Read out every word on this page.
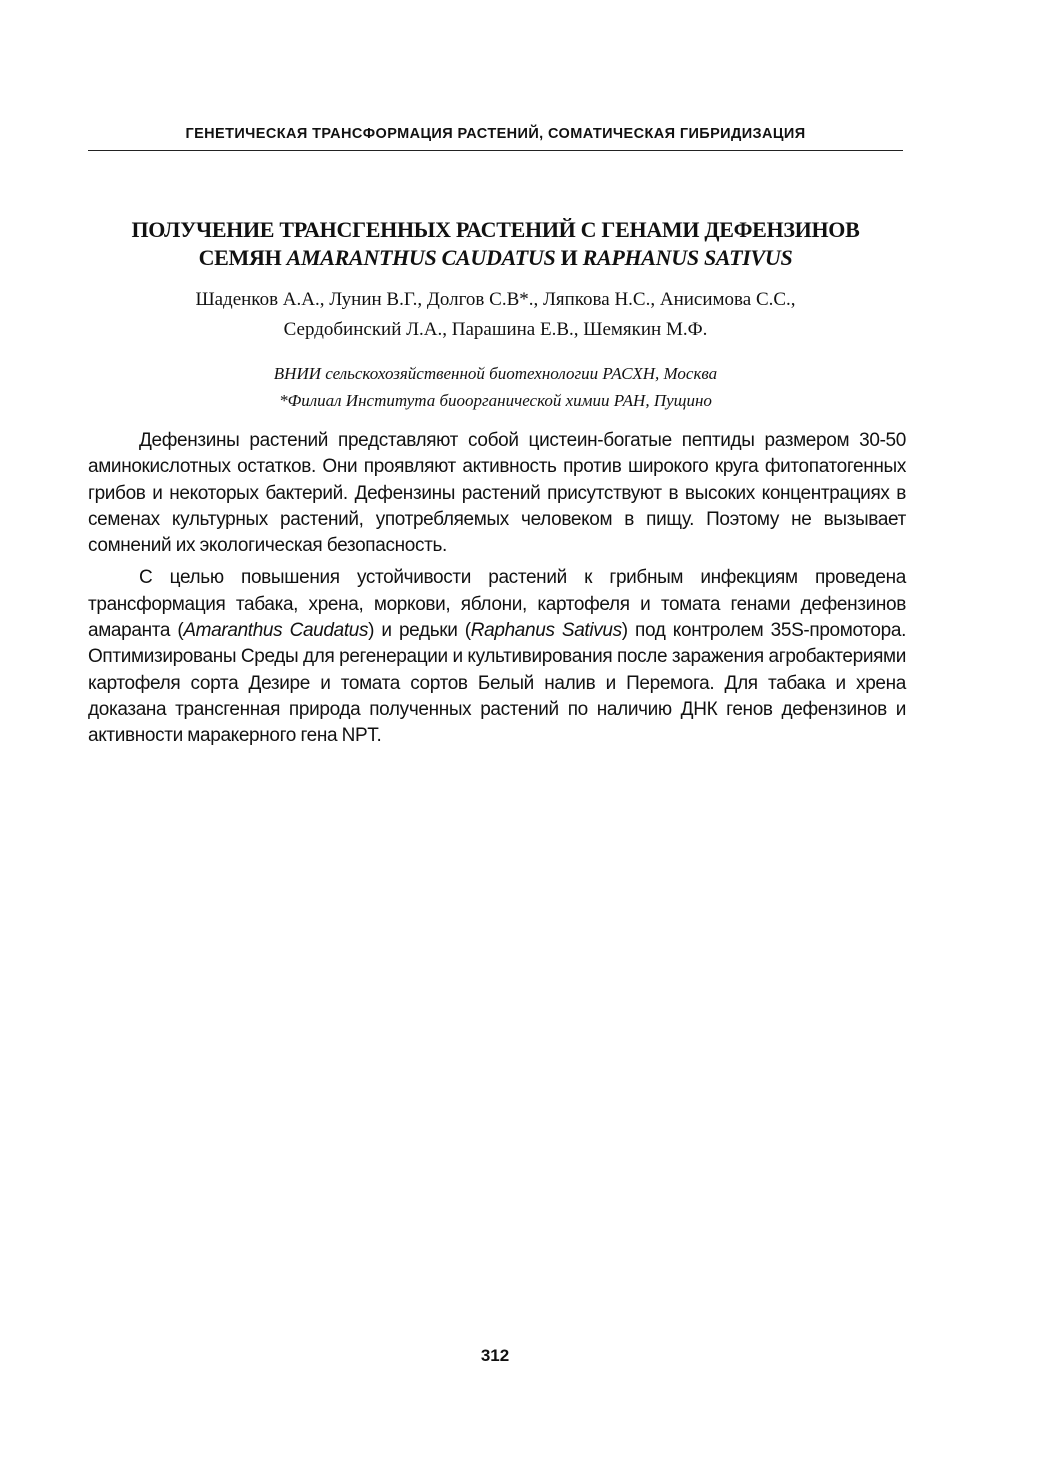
ГЕНЕТИЧЕСКАЯ ТРАНСФОРМАЦИЯ РАСТЕНИЙ, СОМАТИЧЕСКАЯ ГИБРИДИЗАЦИЯ
ПОЛУЧЕНИЕ ТРАНСГЕННЫХ РАСТЕНИЙ С ГЕНАМИ ДЕФЕНЗИНОВ
СЕМЯН AMARANTHUS CAUDATUS И RAPHANUS SATIVUS
Шаденков А.А., Лунин В.Г., Долгов С.В*., Ляпкова Н.С., Анисимова С.С.,
Сердобинский Л.А., Парашина Е.В., Шемякин М.Ф.
ВНИИ сельскохозяйственной биотехнологии РАСХН, Москва
*Филиал Института биоорганической химии РАН, Пущино

Дефензины растений представляют собой цистеин-богатые пептиды размером 30-50 аминокислотных остатков. Они проявляют активность против широкого круга фитопатогенных грибов и некоторых бактерий. Дефензины растений присутствуют в высоких концентрациях в семенах культурных растений, употребляемых человеком в пищу. Поэтому не вызывает сомнений их экологическая безопасность.

С целью повышения устойчивости растений к грибным инфекциям проведена трансформация табака, хрена, моркови, яблони, картофеля и томата генами дефензинов амаранта (Amaranthus Caudatus) и редьки (Raphanus Sativus) под контролем 35S-промотора. Оптимизированы Среды для регенерации и культивирования после заражения агробактериями картофеля сорта Дезире и томата сортов Белый налив и Перемога. Для табака и хрена доказана трансгенная природа полученных растений по наличию ДНК генов дефензинов и активности маракерного гена NPT.

312
